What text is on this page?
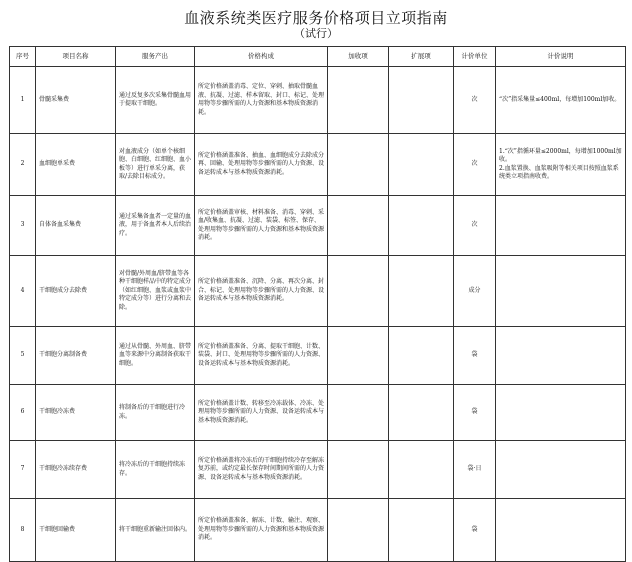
血液系统类医疗服务价格项目立项指南
（试行）
序号	项目名称	服务产出	价格构成	加收项	扩展项	计价单位	计价说明
1	骨髓采集费	通过反复多次采集骨髓血用于提取干细胞。	所定价格涵盖消毒、定位、穿刺、抽取骨髓血液、抗凝、过滤、样本留取、封口、标记、处理用物等步骤所需的人力资源和基本物质资源消耗。			次	“次”指采集量≤400ml，每增加100ml加收。
2	血细胞单采费	对血液成分（如单个核细胞、白细胞、红细胞、血小板等）进行单采分离，获取/去除目标成分。	所定价格涵盖准备、抽血、血细胞成分去除成分再、回输、处理用物等步骤所需的人力资源、设备运转成本与基本物质资源消耗。			次	1.“次”指循环量≤2000ml，每增加1000ml加收。
2.血浆置换、血浆吸附等相关项目按照血浆系统类立项指南收费。
3	自体备血采集费	通过采集备血者一定量的血液，用于备血者本人后续治疗。	所定价格涵盖审核、材料准备、消毒、穿刺、采血/收集血、抗凝、过滤、装袋、标签、保存、处理用物等步骤所需的人力资源和基本物质资源消耗。			次	
4	干细胞成分去除费	对骨髓/外周血/脐带血等各种干细胞样品中的特定成分（如红细胞、血浆或血浆中特定成分等）进行分离和去除。	所定价格涵盖准备、沉降、分离、再次分离、封合、标记、处理用物等步骤所需的人力资源、设备运转成本与基本物质资源消耗。			成分	
5	干细胞分离制备费	通过从骨髓、外周血、脐带血等来源中分离制备获取干细胞。	所定价格涵盖准备、分离、提取干细胞、计数、装袋、封口、处理用物等步骤所需的人力资源、设备运转成本与基本物质资源消耗。			袋	
6	干细胞冷冻费	将制备后的干细胞进行冷冻。	所定价格涵盖计数、转移至冷冻载体、冷冻、处理用物等步骤所需的人力资源、设备运转成本与基本物质资源消耗。			袋	
7	干细胞冷冻续存费	将冷冻后的干细胞持续冻存。	所定价格涵盖将冷冻后的干细胞持续冷存至解冻复苏前，或约定最长保存时间期间所需的人力资源、设备运转成本与基本物质资源消耗。			袋·日	
8	干细胞回输费	将干细胞重新输注回体内。	所定价格涵盖准备、解冻、计数、输注、观察、处理用物等步骤所需的人力资源和基本物质资源消耗。			袋	
